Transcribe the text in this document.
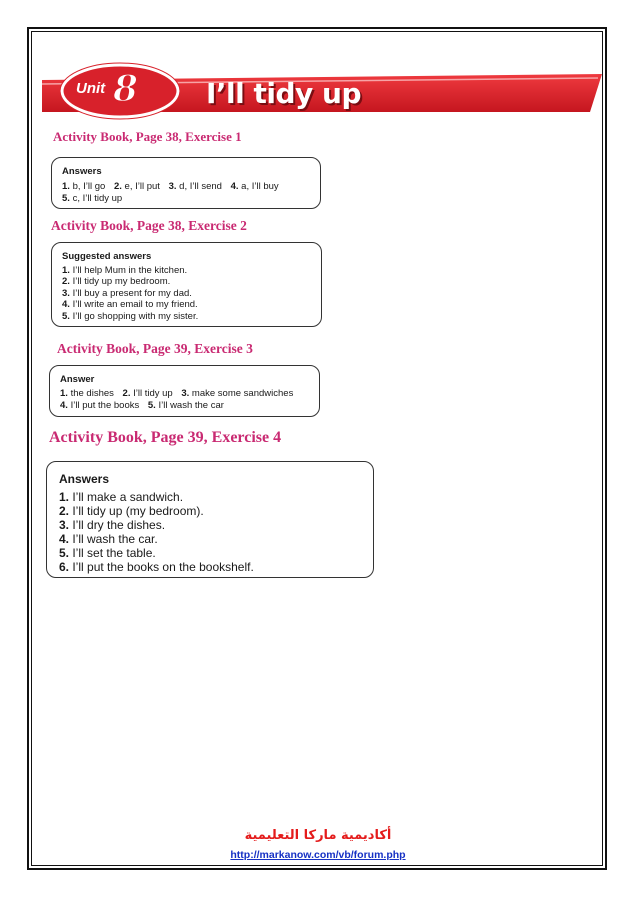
Unit 8 I’ll tidy up
Activity Book, Page 38, Exercise 1
Answers
1. b, I’ll go 2. e, I’ll put 3. d, I’ll send 4. a, I’ll buy
5. c, I’ll tidy up
Activity Book, Page 38, Exercise 2
Suggested answers
1. I’ll help Mum in the kitchen.
2. I’ll tidy up my bedroom.
3. I’ll buy a present for my dad.
4. I’ll write an email to my friend.
5. I’ll go shopping with my sister.
Activity Book, Page 39, Exercise 3
Answer
1. the dishes 2. I’ll tidy up 3. make some sandwiches
4. I’ll put the books 5. I’ll wash the car
Activity Book, Page 39, Exercise 4
Answers
1. I’ll make a sandwich.
2. I’ll tidy up (my bedroom).
3. I’ll dry the dishes.
4. I’ll wash the car.
5. I’ll set the table.
6. I’ll put the books on the bookshelf.
أكاديمية ماركا التعليمية
http://markanow.com/vb/forum.php
